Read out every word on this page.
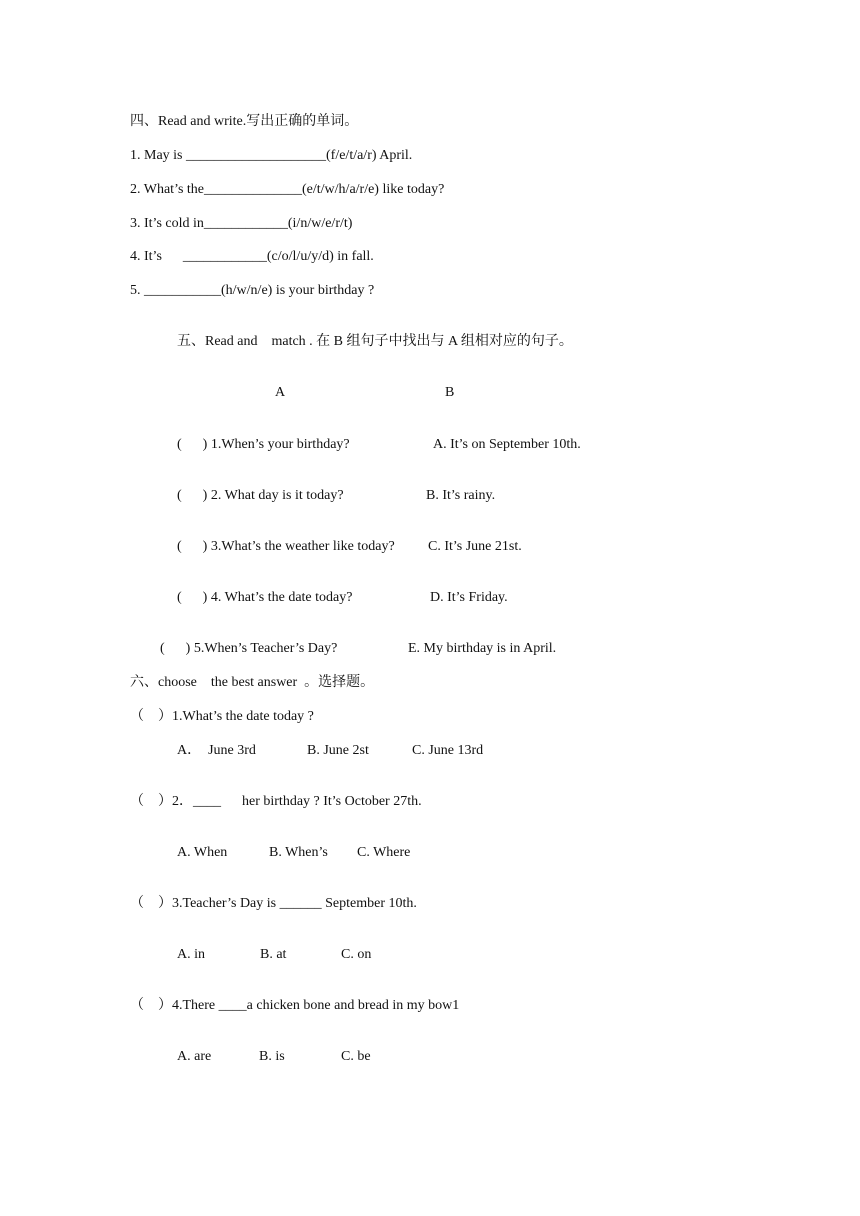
四、Read and write.写出正确的单词。
1. May is ____________________(f/e/t/a/r) April.
2. What’s the______________(e/t/w/h/a/r/e) like today?
3. It’s cold in____________(i/n/w/e/r/t)
4. It’s      ____________(c/o/l/u/y/d) in fall.
5. ___________(h/w/n/e) is your birthday ?
五、Read and    match . 在 B 组句子中找出与 A 组相对应的句子。
A	B
(      ) 1.When’s your birthday?	A. It’s on September 10th.
(      ) 2. What day is it today?	B. It’s rainy.
(      ) 3.What’s the weather like today? C. It’s June 21st.
(      ) 4. What’s the date today?	D. It’s Friday.
(      ) 5.When’s Teacher’s Day?	E. My birthday is in April.
六、choose    the best answer  。选择题。
（    ）1.What’s the date today ?
A．  June 3rd	B. June 2st	C. June 13rd
（    ）2．____      her birthday ? It’s October 27th.
A. When	B. When’s C. Where
（    ）3.Teacher’s Day is ______ September 10th.
A. in	B. at	C. on
（    ）4.There ____a chicken bone and bread in my bow1
A. are	B. is	C. be
